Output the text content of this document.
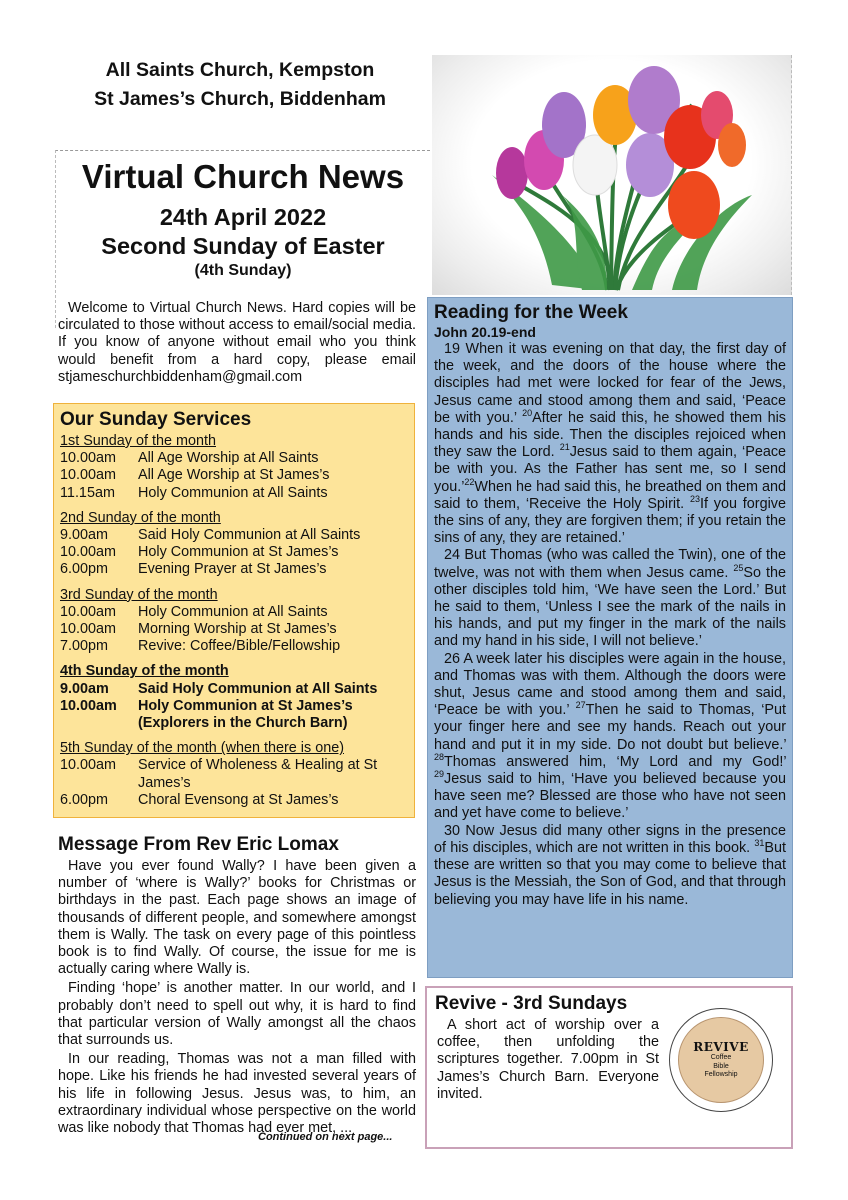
All Saints Church, Kempston
St James’s Church, Biddenham
Virtual Church News
24th April 2022
Second Sunday of Easter
(4th Sunday)
Welcome to Virtual Church News. Hard copies will be circulated to those without access to email/social media. If you know of anyone without email who you think would benefit from a hard copy, please email stjameschurchbiddenham@gmail.com
Our Sunday Services
1st Sunday of the month
10.00am	All Age Worship at All Saints
10.00am	All Age Worship at St James’s
11.15am	Holy Communion at All Saints
2nd Sunday of the month
9.00am	Said Holy Communion at All Saints
10.00am	Holy Communion at St James’s
6.00pm	Evening Prayer at St James’s
3rd Sunday of the month
10.00am	Holy Communion at All Saints
10.00am	Morning Worship at St James’s
7.00pm	Revive: Coffee/Bible/Fellowship
4th Sunday of the month
9.00am	Said Holy Communion at All Saints
10.00am	Holy Communion at St James’s
(Explorers in the Church Barn)
5th Sunday of the month (when there is one)
10.00am	Service of Wholeness & Healing at St James’s
6.00pm	Choral Evensong at St James’s
Message From Rev Eric Lomax

Have you ever found Wally? I have been given a number of ‘where is Wally?’ books for Christmas or birthdays in the past. Each page shows an image of thousands of different people, and somewhere amongst them is Wally. The task on every page of this pointless book is to find Wally. Of course, the issue for me is actually caring where Wally is.

Finding ‘hope’ is another matter. In our world, and I probably don’t need to spell out why, it is hard to find that particular version of Wally amongst all the chaos that surrounds us.

In our reading, Thomas was not a man filled with hope. Like his friends he had invested several years of his life in following Jesus. Jesus was, to him, an extraordinary individual whose perspective on the world was like nobody that Thomas had ever met, ...

Continued on next page...
Reading for the Week
John 20.19-end

19 When it was evening on that day, the first day of the week, and the doors of the house where the disciples had met were locked for fear of the Jews, Jesus came and stood among them and said, ‘Peace be with you.’ $^{20}$After he said this, he showed them his hands and his side. Then the disciples rejoiced when they saw the Lord. $^{21}$Jesus said to them again, ‘Peace be with you. As the Father has sent me, so I send you.’$^{22}$When he had said this, he breathed on them and said to them, ‘Receive the Holy Spirit. $^{23}$If you forgive the sins of any, they are forgiven them; if you retain the sins of any, they are retained.’

24 But Thomas (who was called the Twin), one of the twelve, was not with them when Jesus came. $^{25}$So the other disciples told him, ‘We have seen the Lord.’ But he said to them, ‘Unless I see the mark of the nails in his hands, and put my finger in the mark of the nails and my hand in his side, I will not believe.’

26 A week later his disciples were again in the house, and Thomas was with them. Although the doors were shut, Jesus came and stood among them and said, ‘Peace be with you.’ $^{27}$Then he said to Thomas, ‘Put your finger here and see my hands. Reach out your hand and put it in my side. Do not doubt but believe.’ $^{28}$Thomas answered him, ‘My Lord and my God!’ $^{29}$Jesus said to him, ‘Have you believed because you have seen me? Blessed are those who have not seen and yet have come to believe.’

30 Now Jesus did many other signs in the presence of his disciples, which are not written in this book. $^{31}$But these are written so that you may come to believe that Jesus is the Messiah, the Son of God, and that through believing you may have life in his name.

Revive - 3rd Sundays
A short act of worship over a coffee, then unfolding the scriptures together. 7.00pm in St James’s Church Barn. Everyone invited.
REVIVE
Coffee
Bible
Fellowship
